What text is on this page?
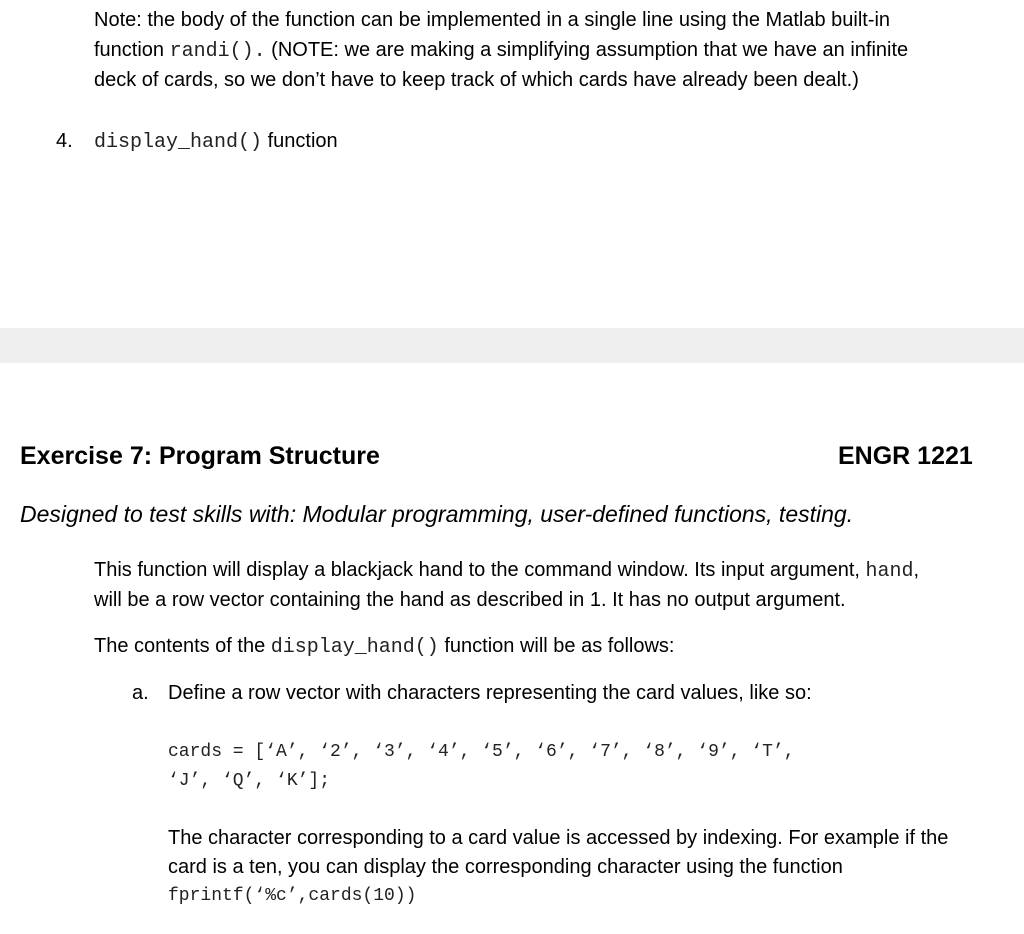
Note: the body of the function can be implemented in a single line using the Matlab built-in
function randi(). (NOTE: we are making a simplifying assumption that we have an infinite
deck of cards, so we don’t have to keep track of which cards have already been dealt.)
4. display_hand() function
Exercise 7: Program Structure	ENGR 1221
Designed to test skills with: Modular programming, user-defined functions, testing.
This function will display a blackjack hand to the command window. Its input argument, hand,
will be a row vector containing the hand as described in 1. It has no output argument.
The contents of the display_hand() function will be as follows:
a. Define a row vector with characters representing the card values, like so:
cards = [‘A’, ‘2’, ‘3’, ‘4’, ‘5’, ‘6’, ‘7’, ‘8’, ‘9’, ‘T’,
‘J’, ‘Q’, ‘K’];
The character corresponding to a card value is accessed by indexing. For example if the
card is a ten, you can display the corresponding character using the function
fprintf(‘%c’,cards(10))
